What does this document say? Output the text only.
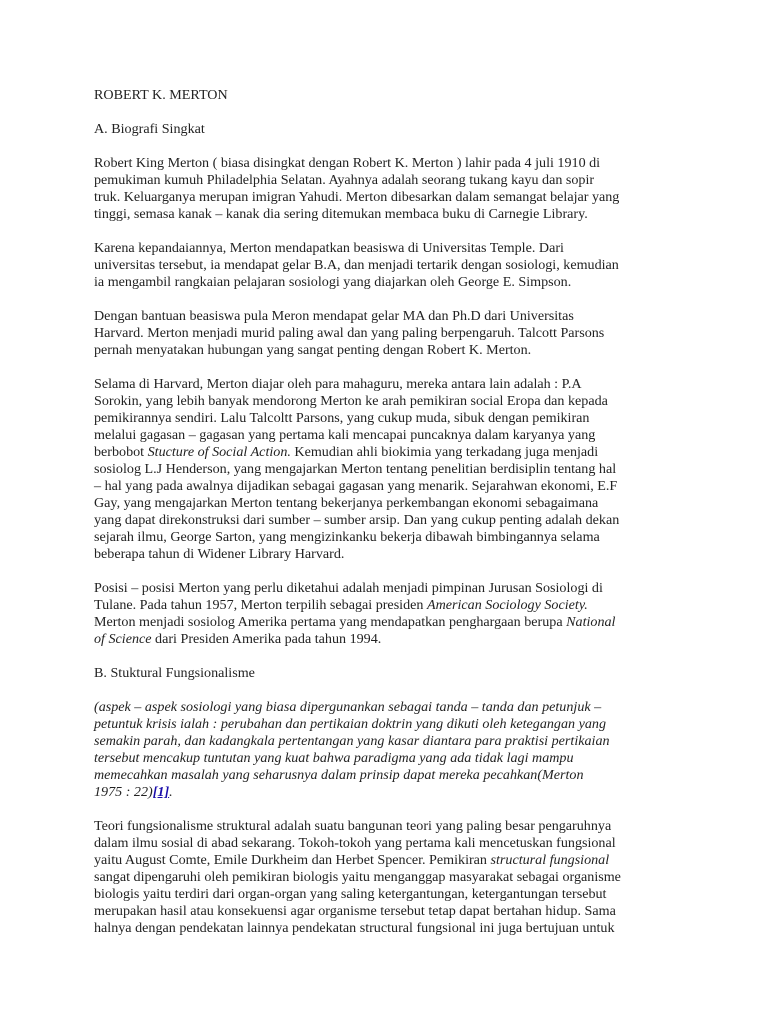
ROBERT K. MERTON

A. Biografi Singkat

Robert King Merton ( biasa disingkat dengan Robert K. Merton ) lahir pada 4 juli 1910 di
pemukiman kumuh Philadelphia Selatan. Ayahnya adalah seorang tukang kayu dan sopir
truk. Keluarganya merupan imigran Yahudi. Merton dibesarkan dalam semangat belajar yang
tinggi, semasa kanak – kanak dia sering ditemukan membaca buku di Carnegie Library.

Karena kepandaiannya, Merton mendapatkan beasiswa di Universitas Temple. Dari
universitas tersebut, ia mendapat gelar B.A, dan menjadi tertarik dengan sosiologi, kemudian
ia mengambil rangkaian pelajaran sosiologi yang diajarkan oleh George E. Simpson.

Dengan bantuan beasiswa pula Meron mendapat gelar MA dan Ph.D dari Universitas
Harvard. Merton menjadi murid paling awal dan yang paling berpengaruh. Talcott Parsons
pernah menyatakan hubungan yang sangat penting dengan Robert K. Merton.

Selama di Harvard, Merton diajar oleh para mahaguru, mereka antara lain adalah : P.A
Sorokin, yang lebih banyak mendorong Merton ke arah pemikiran social Eropa dan kepada
pemikirannya sendiri. Lalu Talcoltt Parsons, yang cukup muda, sibuk dengan pemikiran
melalui gagasan – gagasan yang pertama kali mencapai puncaknya dalam karyanya yang
berbobot Stucture of Social Action. Kemudian ahli biokimia yang terkadang juga menjadi
sosiolog L.J Henderson, yang mengajarkan Merton tentang penelitian berdisiplin tentang hal
– hal yang pada awalnya dijadikan sebagai gagasan yang menarik. Sejarahwan ekonomi, E.F
Gay, yang mengajarkan Merton tentang bekerjanya perkembangan ekonomi sebagaimana
yang dapat direkonstruksi dari sumber – sumber arsip. Dan yang cukup penting adalah dekan
sejarah ilmu, George Sarton, yang mengizinkanku bekerja dibawah bimbingannya selama
beberapa tahun di Widener Library Harvard.

Posisi – posisi Merton yang perlu diketahui adalah menjadi pimpinan Jurusan Sosiologi di
Tulane. Pada tahun 1957, Merton terpilih sebagai presiden American Sociology Society.
Merton menjadi sosiolog Amerika pertama yang mendapatkan penghargaan berupa National
of Science dari Presiden Amerika pada tahun 1994.

B. Stuktural Fungsionalisme

(aspek – aspek sosiologi yang biasa dipergunankan sebagai tanda – tanda dan petunjuk –
petuntuk krisis ialah : perubahan dan pertikaian doktrin yang dikuti oleh ketegangan yang
semakin parah, dan kadangkala pertentangan yang kasar diantara para praktisi pertikaian
tersebut mencakup tuntutan yang kuat bahwa paradigma yang ada tidak lagi mampu
memecahkan masalah yang seharusnya dalam prinsip dapat mereka pecahkan(Merton
1975 : 22)[1].

Teori fungsionalisme struktural adalah suatu bangunan teori yang paling besar pengaruhnya
dalam ilmu sosial di abad sekarang. Tokoh-tokoh yang pertama kali mencetuskan fungsional
yaitu August Comte, Emile Durkheim dan Herbet Spencer. Pemikiran structural fungsional
sangat dipengaruhi oleh pemikiran biologis yaitu menganggap masyarakat sebagai organisme
biologis yaitu terdiri dari organ-organ yang saling ketergantungan, ketergantungan tersebut
merupakan hasil atau konsekuensi agar organisme tersebut tetap dapat bertahan hidup. Sama
halnya dengan pendekatan lainnya pendekatan structural fungsional ini juga bertujuan untuk
